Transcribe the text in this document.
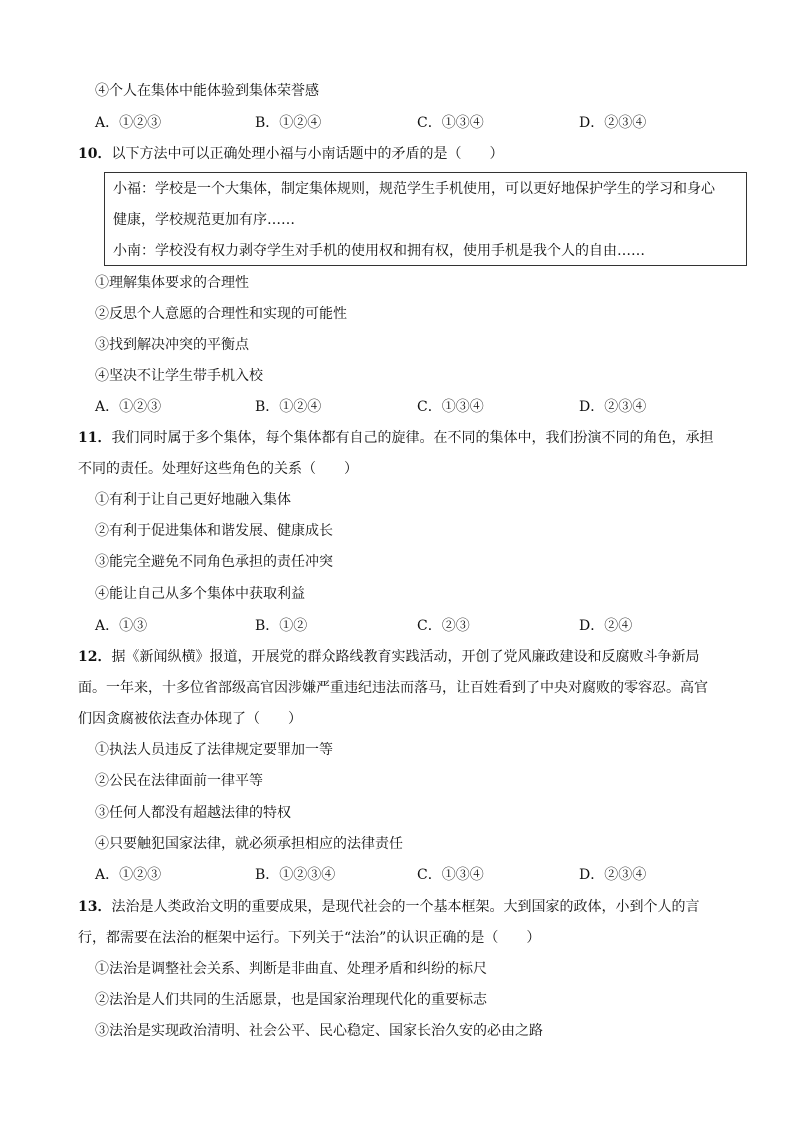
④个人在集体中能体验到集体荣誉感
A．①②③	B．①②④	C．①③④	D．②③④
10．以下方法中可以正确处理小福与小南话题中的矛盾的是（　　）
小福：学校是一个大集体，制定集体规则，规范学生手机使用，可以更好地保护学生的学习和身心
健康，学校规范更加有序……
小南：学校没有权力剥夺学生对手机的使用权和拥有权，使用手机是我个人的自由……
①理解集体要求的合理性
②反思个人意愿的合理性和实现的可能性
③找到解决冲突的平衡点
④坚决不让学生带手机入校
A．①②③	B．①②④	C．①③④	D．②③④
11．我们同时属于多个集体，每个集体都有自己的旋律。在不同的集体中，我们扮演不同的角色，承担
不同的责任。处理好这些角色的关系（　　）
①有利于让自己更好地融入集体
②有利于促进集体和谐发展、健康成长
③能完全避免不同角色承担的责任冲突
④能让自己从多个集体中获取利益
A．①③	B．①②	C．②③	D．②④
12．据《新闻纵横》报道，开展党的群众路线教育实践活动，开创了党风廉政建设和反腐败斗争新局
面。一年来，十多位省部级高官因涉嫌严重违纪违法而落马，让百姓看到了中央对腐败的零容忍。高官
们因贪腐被依法查办体现了（　　）
①执法人员违反了法律规定要罪加一等
②公民在法律面前一律平等
③任何人都没有超越法律的特权
④只要触犯国家法律，就必须承担相应的法律责任
A．①②③	B．①②③④	C．①③④	D．②③④
13．法治是人类政治文明的重要成果，是现代社会的一个基本框架。大到国家的政体，小到个人的言
行，都需要在法治的框架中运行。下列关于“法治”的认识正确的是（　　）
①法治是调整社会关系、判断是非曲直、处理矛盾和纠纷的标尺
②法治是人们共同的生活愿景，也是国家治理现代化的重要标志
③法治是实现政治清明、社会公平、民心稳定、国家长治久安的必由之路
